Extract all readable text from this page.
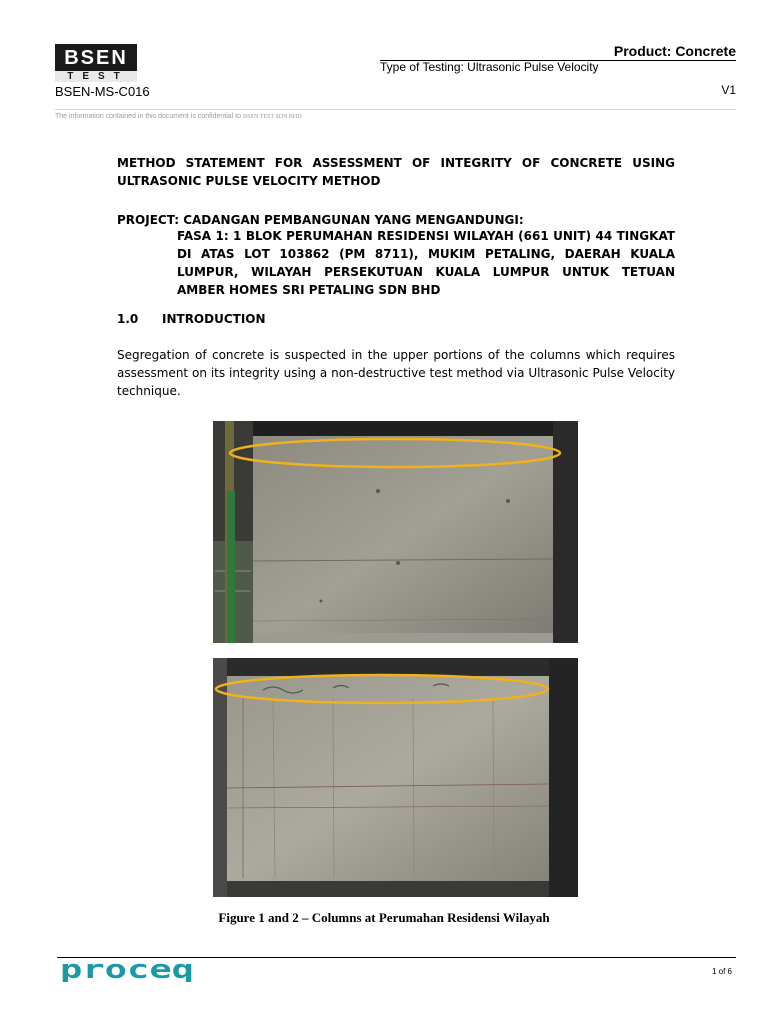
BSEN
TEST
BSEN-MS-C016
Product: Concrete
Type of Testing: Ultrasonic Pulse Velocity
V1
The information contained in this document is confidential to BSEN TEST SDN BHD
METHOD STATEMENT FOR ASSESSMENT OF INTEGRITY OF CONCRETE USING ULTRASONIC PULSE VELOCITY METHOD
PROJECT: CADANGAN PEMBANGUNAN YANG MENGANDUNGI:
FASA 1: 1 BLOK PERUMAHAN RESIDENSI WILAYAH (661 UNIT) 44 TINGKAT DI ATAS LOT 103862 (PM 8711), MUKIM PETALING, DAERAH KUALA LUMPUR, WILAYAH PERSEKUTUAN KUALA LUMPUR UNTUK TETUAN AMBER HOMES SRI PETALING SDN BHD
1.0 INTRODUCTION
Segregation of concrete is suspected in the upper portions of the columns which requires assessment on its integrity using a non-destructive test method via Ultrasonic Pulse Velocity technique.
Figure 1 and 2 – Columns at Perumahan Residensi Wilayah
proceq	1 of 6
